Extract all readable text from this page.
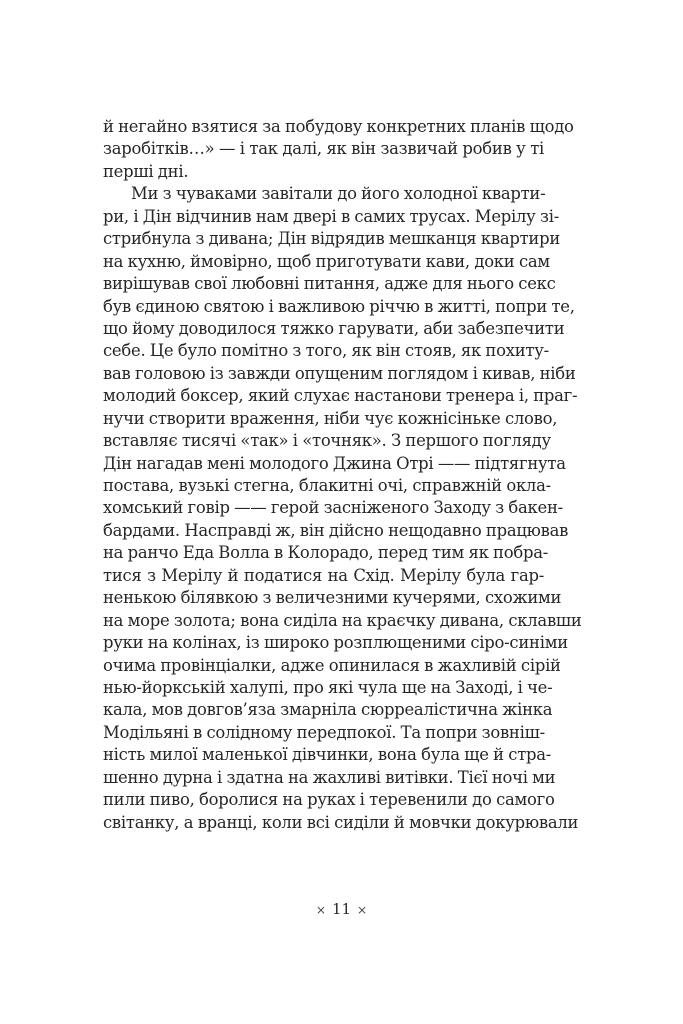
й негайно взятися за побудову конкретних планів щодо
заробітків…» — і так далі, як він зазвичай робив у ті
перші дні.
Ми з чуваками завітали до його холодної кварти-
ри, і Дін відчинив нам двері в самих трусах. Мерілу зі-
стрибнула з дивана; Дін відрядив мешканця квартири
на кухню, ймовірно, щоб приготувати кави, доки сам
вирішував свої любовні питання, адже для нього секс
був єдиною святою і важливою річчю в житті, попри те,
що йому доводилося тяжко гарувати, аби забезпечити
себе. Це було помітно з того, як він стояв, як похиту-
вав головою із завжди опущеним поглядом і кивав, ніби
молодий боксер, який слухає настанови тренера і, праг-
нучи створити враження, ніби чує кожнісіньке слово,
вставляє тисячі «так» і «точняк». З першого погляду
Дін нагадав мені молодого Джина Отрі —— підтягнута
постава, вузькі стегна, блакитні очі, справжній окла-
хомський говір —— герой засніженого Заходу з бакен-
бардами. Насправді ж, він дійсно нещодавно працював
на ранчо Еда Волла в Колорадо, перед тим як побра-
тися з Мерілу й податися на Схід. Мерілу була гар-
ненькою білявкою з величезними кучерями, схожими
на море золота; вона сиділа на краєчку дивана, склавши
руки на колінах, із широко розплющеними сіро-синіми
очима провінціалки, адже опинилася в жахливій сірій
нью-йоркській халупі, про які чула ще на Заході, і че-
кала, мов довгов’яза змарніла сюрреалістична жінка
Модільяні в солідному передпокої. Та попри зовніш-
ність милої маленької дівчинки, вона була ще й стра-
шенно дурна і здатна на жахливі витівки. Тієї ночі ми
пили пиво, боролися на руках і теревенили до самого
світанку, а вранці, коли всі сиділи й мовчки докурювали
× 11 ×
